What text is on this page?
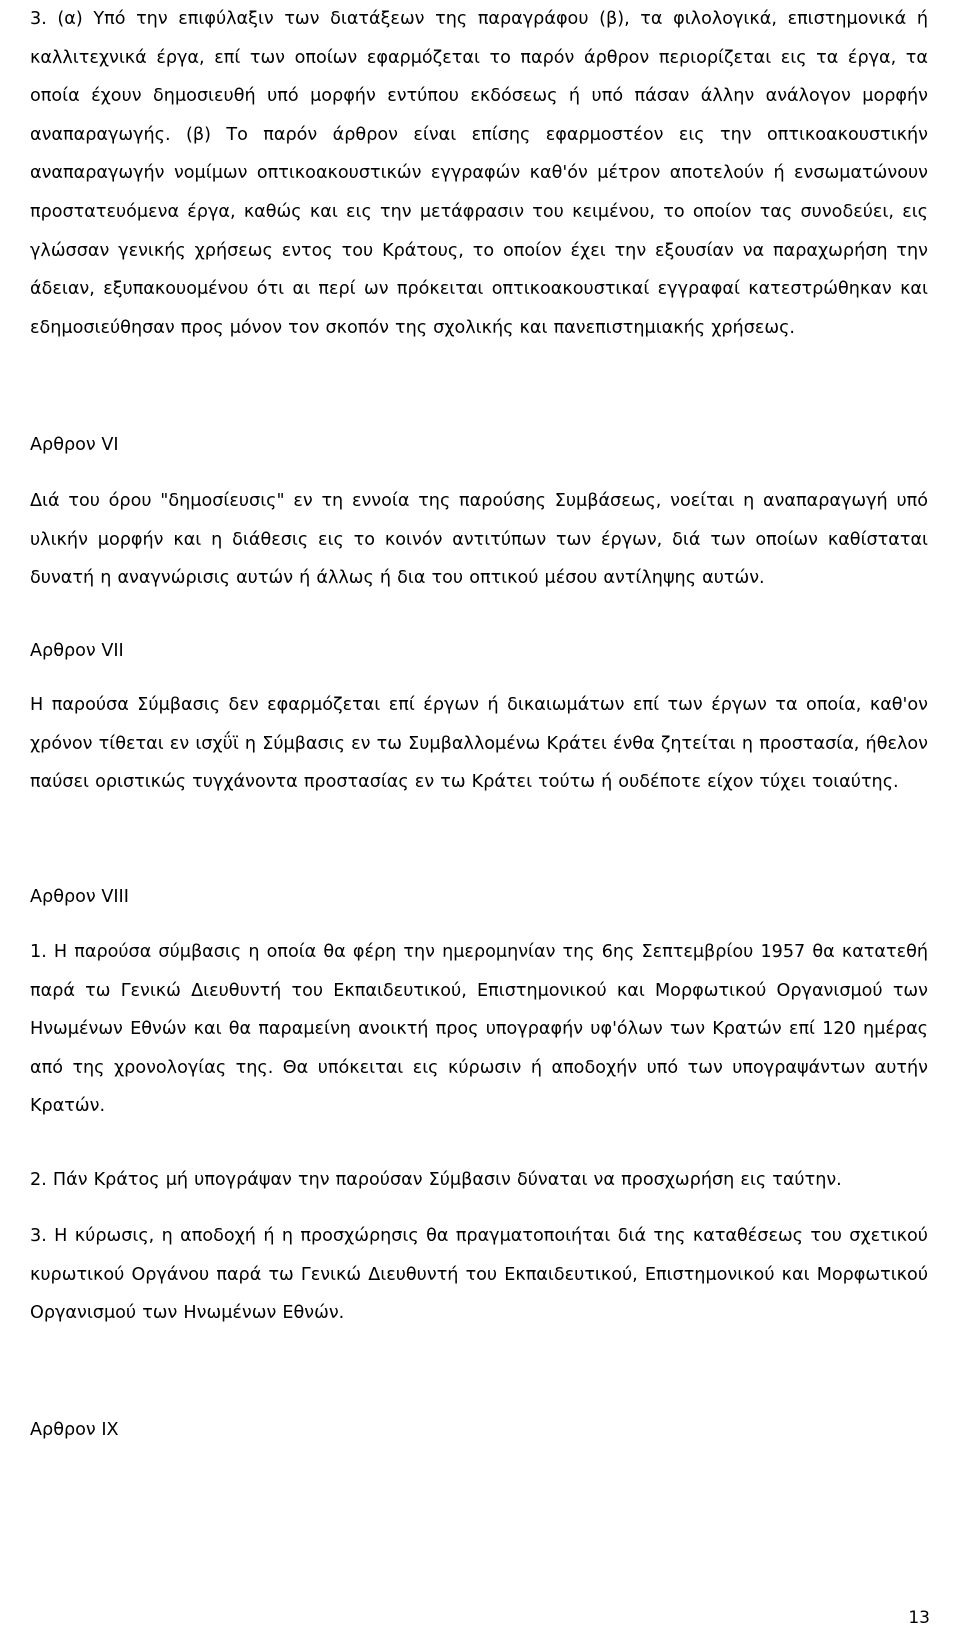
3. (α) Υπό την επιφύλαξιν των διατάξεων της παραγράφου (β), τα φιλολογικά, επιστημονικά ή καλλιτεχνικά έργα, επί των οποίων εφαρμόζεται το παρόν άρθρον περιορίζεται εις τα έργα, τα οποία έχουν δημοσιευθή υπό μορφήν εντύπου εκδόσεως ή υπό πάσαν άλλην ανάλογον μορφήν αναπαραγωγής. (β) Το παρόν άρθρον είναι επίσης εφαρμοστέον εις την οπτικοακουστικήν αναπαραγωγήν νομίμων οπτικοακουστικών εγγραφών καθ'όν μέτρον αποτελούν ή ενσωματώνουν προστατευόμενα έργα, καθώς και εις την μετάφρασιν του κειμένου, το οποίον τας συνοδεύει, εις γλώσσαν γενικής χρήσεως εντος του Κράτους, το οποίον έχει την εξουσίαν να παραχωρήση την άδειαν, εξυπακουομένου ότι αι περί ων πρόκειται οπτικοακουστικαί εγγραφαί κατεστρώθηκαν και εδημοσιεύθησαν προς μόνον τον σκοπόν της σχολικής και πανεπιστημιακής χρήσεως.

Αρθρον VI

Διά του όρου "δημοσίευσις" εν τη εννοία της παρούσης Συμβάσεως, νοείται η αναπαραγωγή υπό υλικήν μορφήν και η διάθεσις εις το κοινόν αντιτύπων των έργων, διά των οποίων καθίσταται δυνατή η αναγνώρισις αυτών ή άλλως ή δια του οπτικού μέσου αντίληψης αυτών.

Αρθρον VII

Η παρούσα Σύμβασις δεν εφαρμόζεται επί έργων ή δικαιωμάτων επί των έργων τα οποία, καθ'ον χρόνον τίθεται εν ισχΰϊ η Σύμβασις εν τω Συμβαλλομένω Κράτει ένθα ζητείται η προστασία, ήθελον παύσει οριστικώς τυγχάνοντα προστασίας εν τω Κράτει τούτω ή ουδέποτε είχον τύχει τοιαύτης.

Αρθρον VIII

1. Η παρούσα σύμβασις η οποία θα φέρη την ημερομηνίαν της 6ης Σεπτεμβρίου 1957 θα κατατεθή παρά τω Γενικώ Διευθυντή του Εκπαιδευτικού, Επιστημονικού και Μορφωτικού Οργανισμού των Ηνωμένων Εθνών και θα παραμείνη ανοικτή προς υπογραφήν υφ'όλων των Κρατών επί 120 ημέρας από της χρονολογίας της. Θα υπόκειται εις κύρωσιν ή αποδοχήν υπό των υπογραψάντων αυτήν Κρατών.

2. Πάν Κράτος μή υπογράψαν την παρούσαν Σύμβασιν δύναται να προσχωρήση εις ταύτην.

3. Η κύρωσις, η αποδοχή ή η προσχώρησις θα πραγματοποιήται διά της καταθέσεως του σχετικού κυρωτικού Οργάνου παρά τω Γενικώ Διευθυντή του Εκπαιδευτικού, Επιστημονικού και Μορφωτικού Οργανισμού των Ηνωμένων Εθνών.

Αρθρον IX

13
